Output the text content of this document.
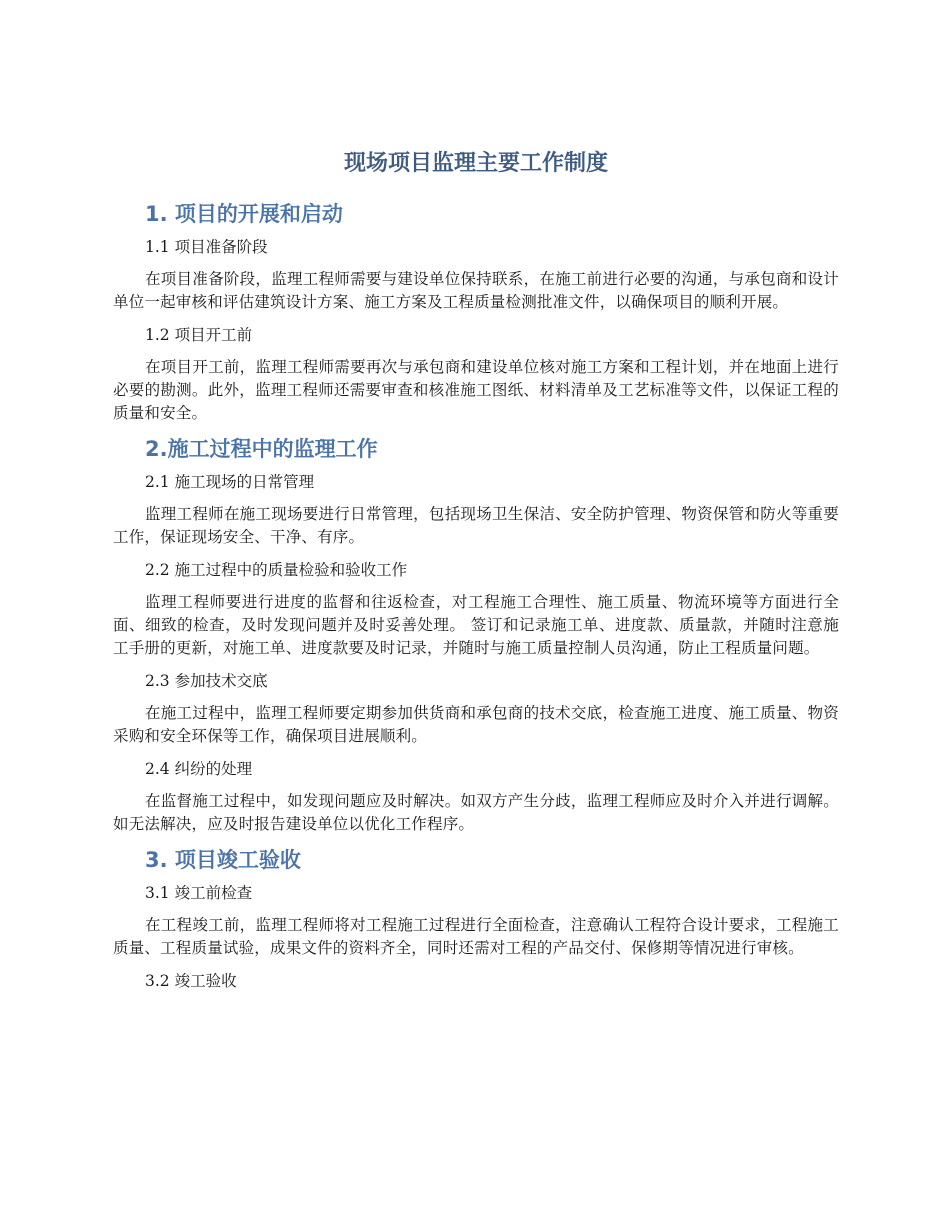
现场项目监理主要工作制度
1. 项目的开展和启动
1.1 项目准备阶段

在项目准备阶段，监理工程师需要与建设单位保持联系，在施工前进行必要的沟通，与承包商和设计单位一起审核和评估建筑设计方案、施工方案及工程质量检测批准文件，以确保项目的顺利开展。

1.2 项目开工前

在项目开工前，监理工程师需要再次与承包商和建设单位核对施工方案和工程计划，并在地面上进行必要的勘测。此外，监理工程师还需要审查和核准施工图纸、材料清单及工艺标准等文件，以保证工程的质量和安全。

2.施工过程中的监理工作
2.1 施工现场的日常管理

监理工程师在施工现场要进行日常管理，包括现场卫生保洁、安全防护管理、物资保管和防火等重要工作，保证现场安全、干净、有序。

2.2 施工过程中的质量检验和验收工作

监理工程师要进行进度的监督和往返检查，对工程施工合理性、施工质量、物流环境等方面进行全面、细致的检查，及时发现问题并及时妥善处理。 签订和记录施工单、进度款、质量款，并随时注意施工手册的更新，对施工单、进度款要及时记录，并随时与施工质量控制人员沟通，防止工程质量问题。

2.3 参加技术交底

在施工过程中，监理工程师要定期参加供货商和承包商的技术交底，检查施工进度、施工质量、物资采购和安全环保等工作，确保项目进展顺利。

2.4 纠纷的处理

在监督施工过程中，如发现问题应及时解决。如双方产生分歧，监理工程师应及时介入并进行调解。如无法解决，应及时报告建设单位以优化工作程序。

3. 项目竣工验收
3.1 竣工前检查

在工程竣工前，监理工程师将对工程施工过程进行全面检查，注意确认工程符合设计要求，工程施工质量、工程质量试验，成果文件的资料齐全，同时还需对工程的产品交付、保修期等情况进行审核。

3.2 竣工验收
